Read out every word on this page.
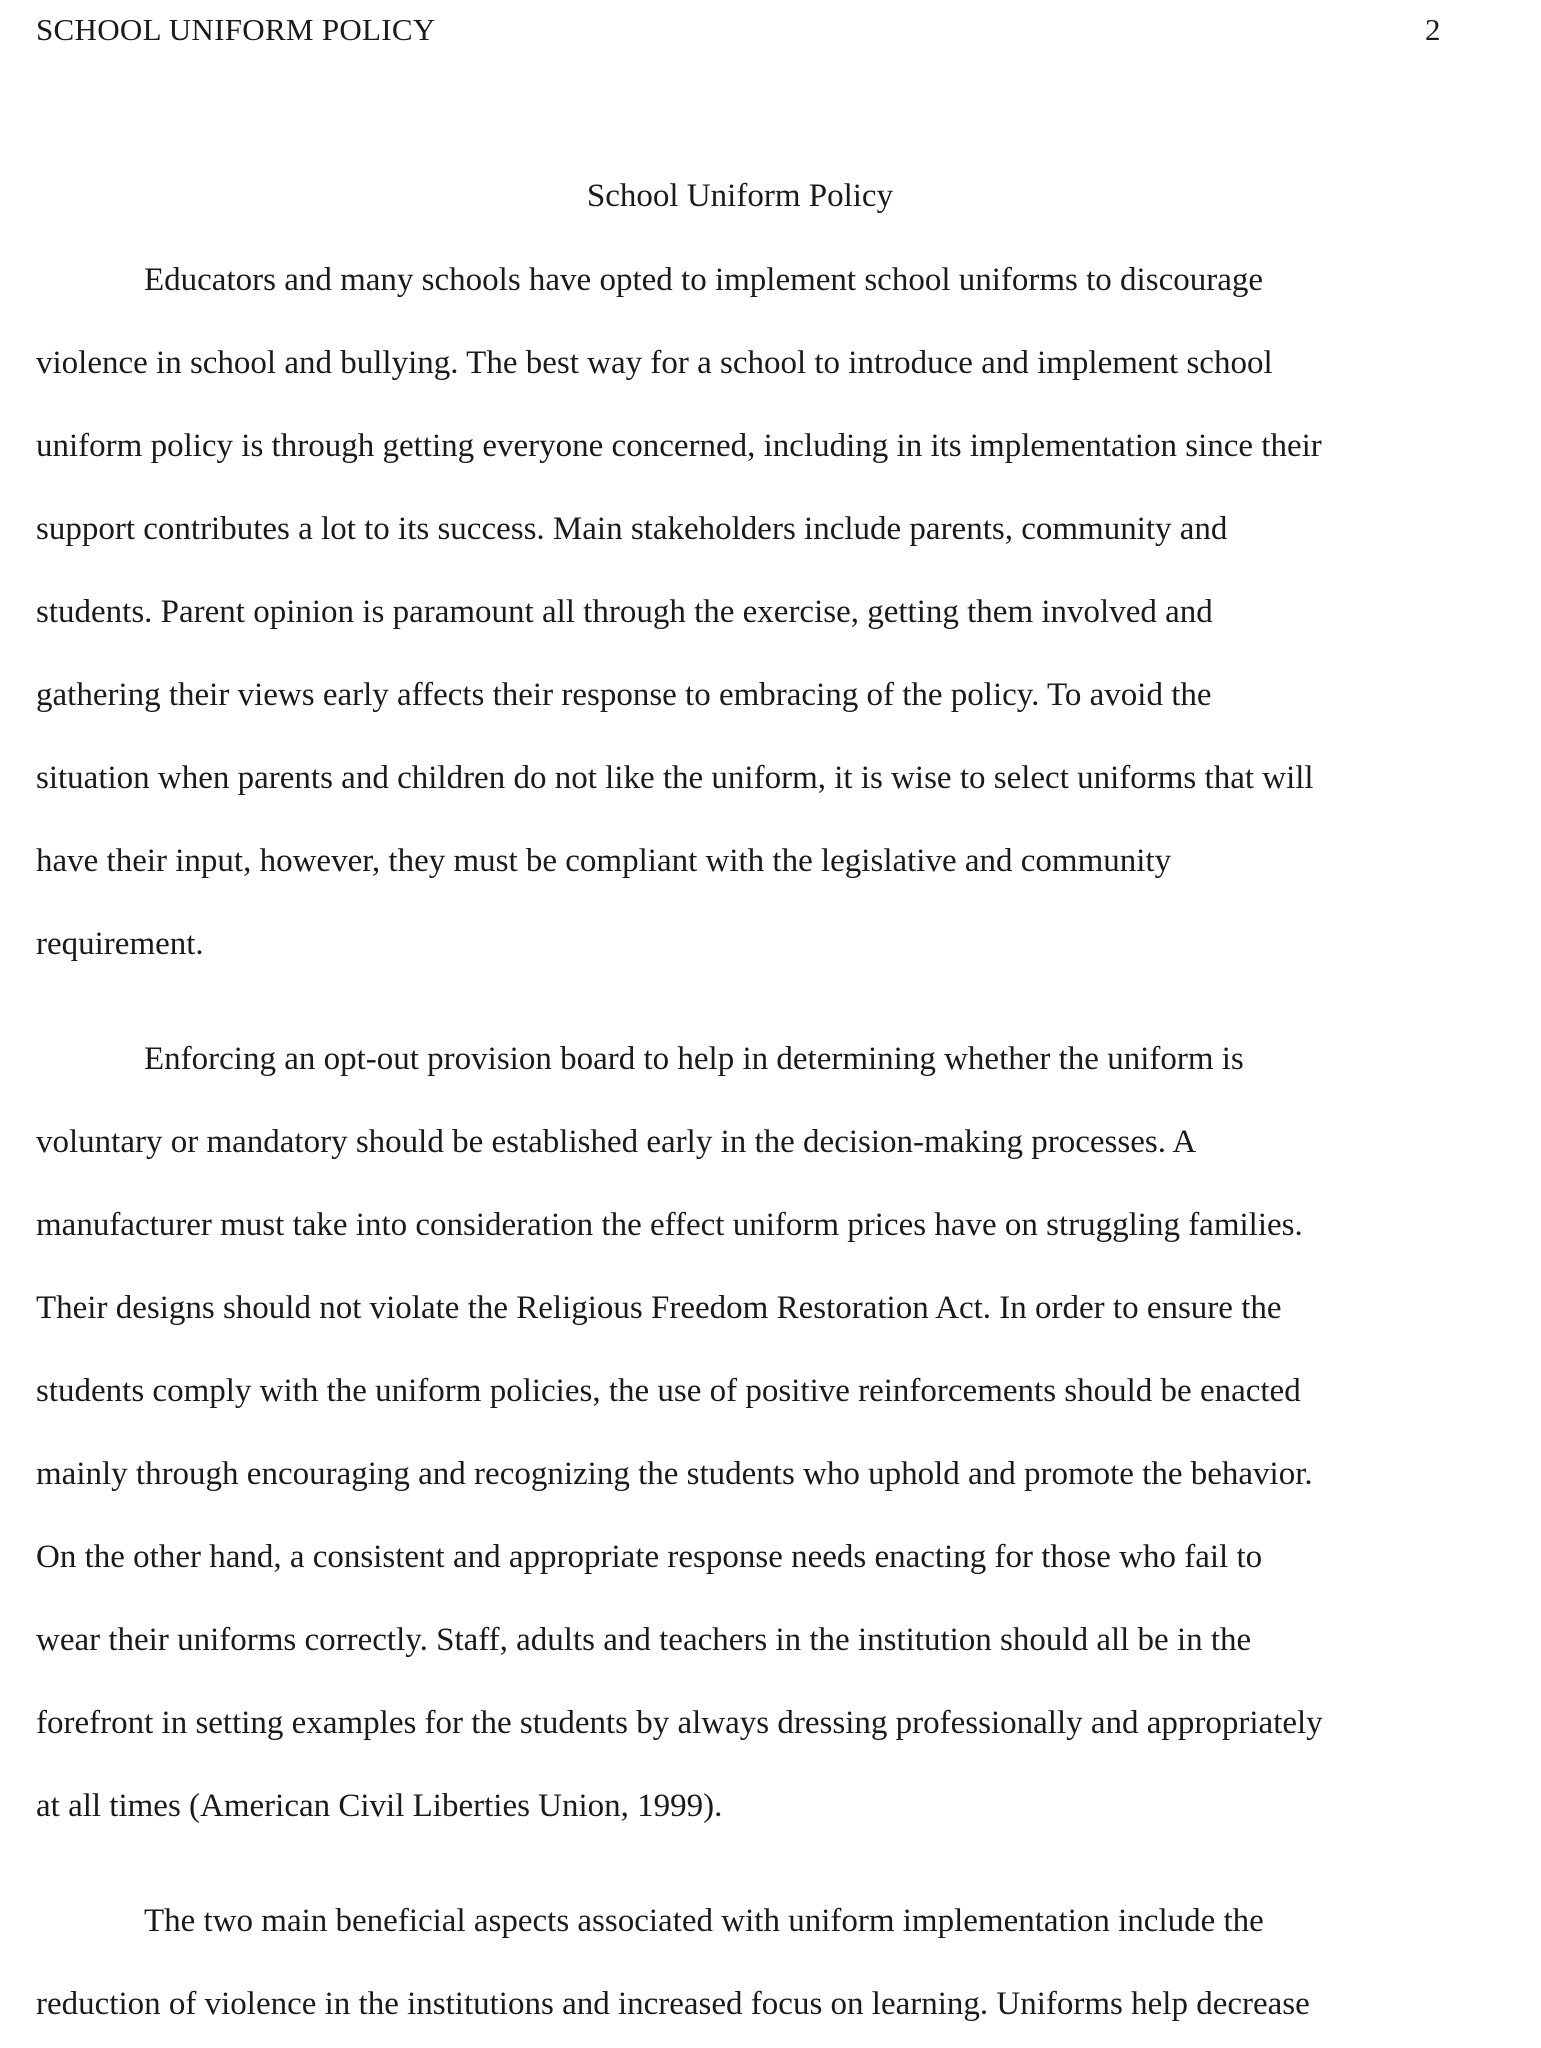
SCHOOL UNIFORM POLICY	2
School Uniform Policy
Educators and many schools have opted to implement school uniforms to discourage
violence in school and bullying. The best way for a school to introduce and implement school
uniform policy is through getting everyone concerned, including in its implementation since their
support contributes a lot to its success. Main stakeholders include parents, community and
students. Parent opinion is paramount all through the exercise, getting them involved and
gathering their views early affects their response to embracing of the policy. To avoid the
situation when parents and children do not like the uniform, it is wise to select uniforms that will
have their input, however, they must be compliant with the legislative and community
requirement.
Enforcing an opt-out provision board to help in determining whether the uniform is
voluntary or mandatory should be established early in the decision-making processes. A
manufacturer must take into consideration the effect uniform prices have on struggling families.
Their designs should not violate the Religious Freedom Restoration Act. In order to ensure the
students comply with the uniform policies, the use of positive reinforcements should be enacted
mainly through encouraging and recognizing the students who uphold and promote the behavior.
On the other hand, a consistent and appropriate response needs enacting for those who fail to
wear their uniforms correctly. Staff, adults and teachers in the institution should all be in the
forefront in setting examples for the students by always dressing professionally and appropriately
at all times (American Civil Liberties Union, 1999).
The two main beneficial aspects associated with uniform implementation include the
reduction of violence in the institutions and increased focus on learning. Uniforms help decrease
